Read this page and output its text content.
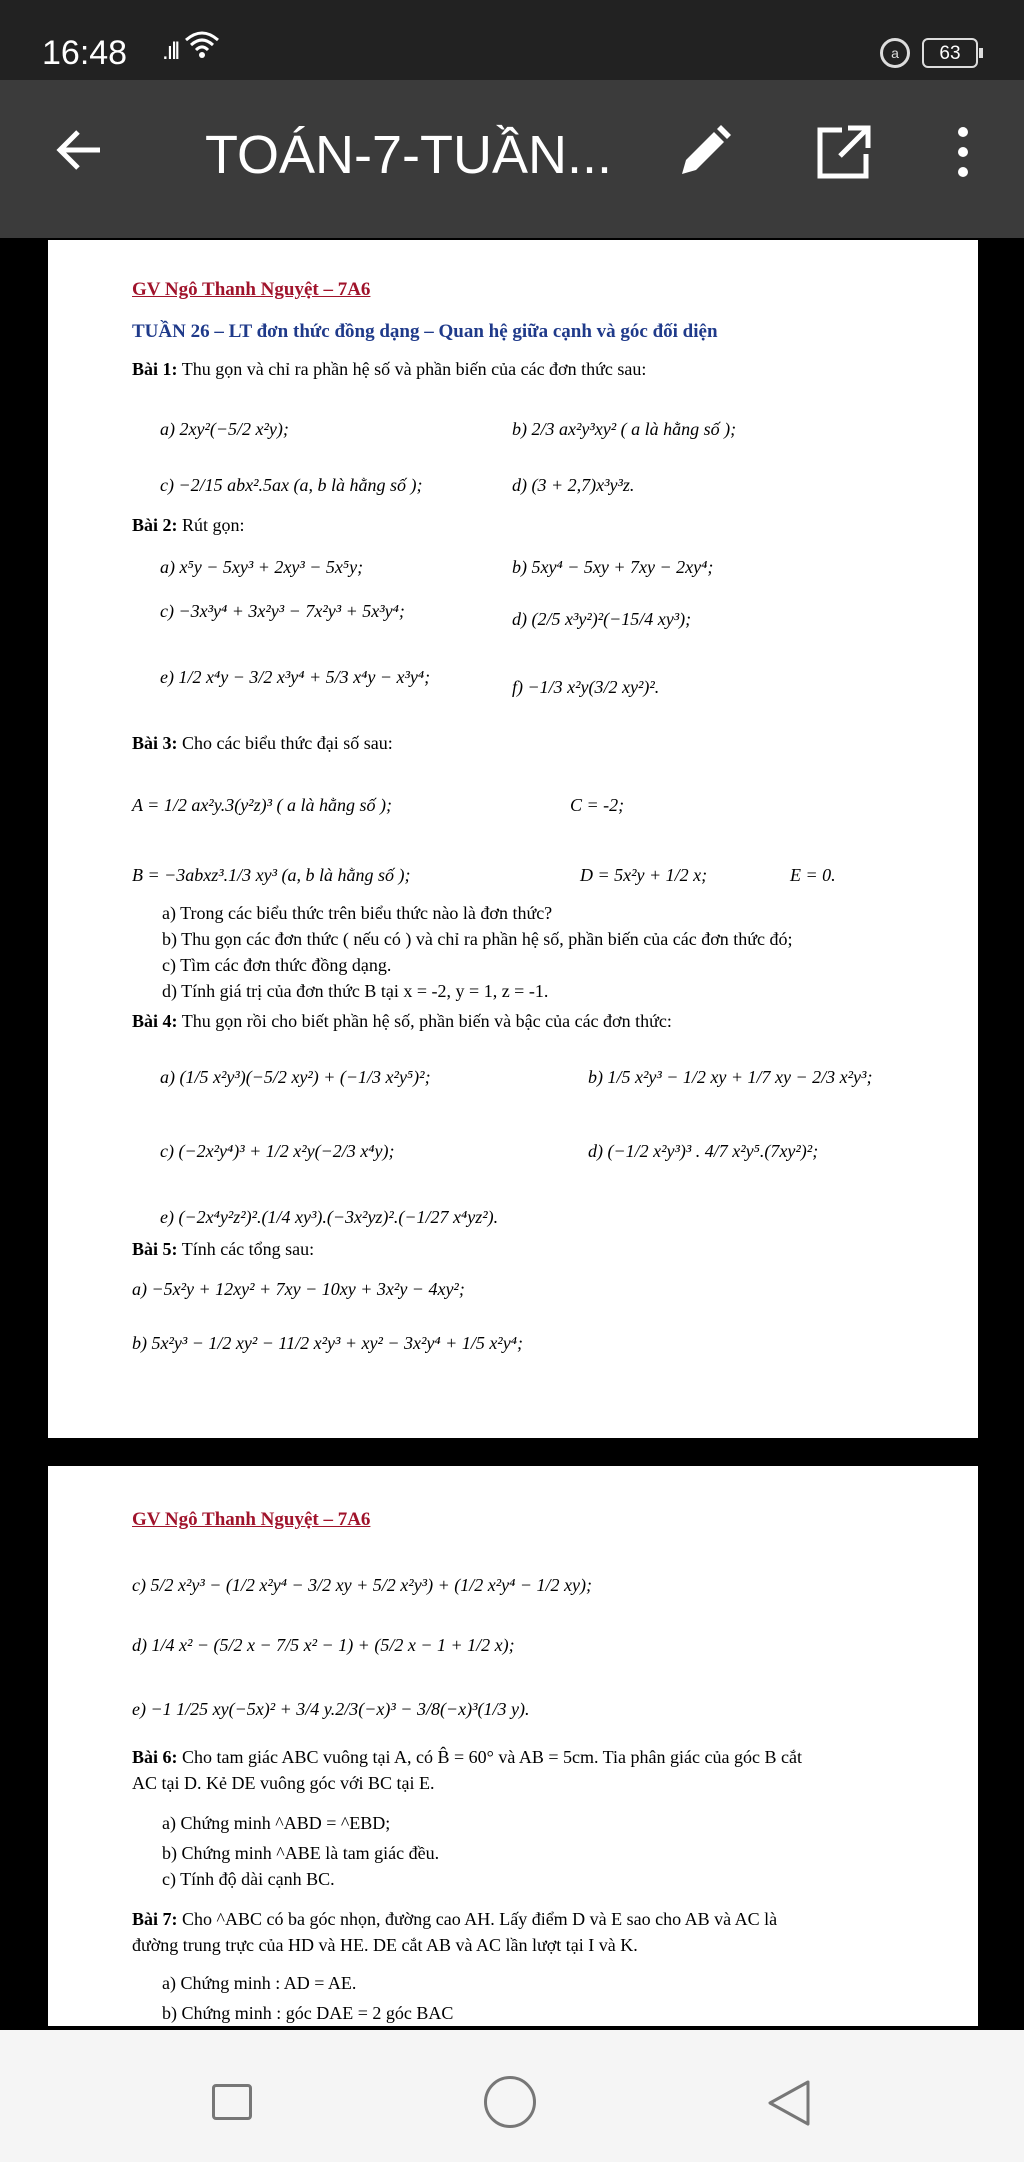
16:48 .ıll	a	63
TOÁN-7-TUẦN...
GV Ngô Thanh Nguyệt – 7A6
TUẦN 26 – LT đơn thức đồng dạng – Quan hệ giữa cạnh và góc đối diện
Bài 1: Thu gọn và chỉ ra phần hệ số và phần biến của các đơn thức sau:
a) 2xy²(−5/2 x²y);	b) 2/3 ax²y³xy² ( a là hằng số );
c) −2/15 abx².5ax (a, b là hằng số );	d) (3 + 2,7)x³y³z.
Bài 2: Rút gọn:
a) x⁵y − 5xy³ + 2xy³ − 5x⁵y;	b) 5xy⁴ − 5xy + 7xy − 2xy⁴;
c) −3x³y⁴ + 3x²y³ − 7x²y³ + 5x³y⁴;	d) (2/5 x³y²)²(−15/4 xy³);
e) 1/2 x⁴y − 3/2 x³y⁴ + 5/3 x⁴y − x³y⁴;	f) −1/3 x²y(3/2 xy²)².
Bài 3: Cho các biểu thức đại số sau:
A = 1/2 ax²y.3(y²z)³ ( a là hằng số );	C = -2;
B = −3abxz³.1/3 xy³ (a, b là hằng số );	D = 5x²y + 1/2 x;	E = 0.
a) Trong các biểu thức trên biểu thức nào là đơn thức?
b) Thu gọn các đơn thức ( nếu có ) và chỉ ra phần hệ số, phần biến của các đơn thức đó;
c) Tìm các đơn thức đồng dạng.
d) Tính giá trị của đơn thức B tại x = -2, y = 1, z = -1.
Bài 4: Thu gọn rồi cho biết phần hệ số, phần biến và bậc của các đơn thức:
a) (1/5 x²y³)(−5/2 xy²) + (−1/3 x²y⁵)²;	b) 1/5 x²y³ − 1/2 xy + 1/7 xy − 2/3 x²y³;
c) (−2x²y⁴)³ + 1/2 x²y(−2/3 x⁴y);	d) (−1/2 x²y³)³ . 4/7 x²y⁵.(7xy²)²;
e) (−2x⁴y²z²)².(1/4 xy³).(−3x²yz)².(−1/27 x⁴yz²).
Bài 5: Tính các tổng sau:
a) −5x²y + 12xy² + 7xy − 10xy + 3x²y − 4xy²;
b) 5x²y³ − 1/2 xy² − 11/2 x²y³ + xy² − 3x²y⁴ + 1/5 x²y⁴;
GV Ngô Thanh Nguyệt – 7A6
c) 5/2 x²y³ − (1/2 x²y⁴ − 3/2 xy + 5/2 x²y³) + (1/2 x²y⁴ − 1/2 xy);
d) 1/4 x² − (5/2 x − 7/5 x² − 1) + (5/2 x − 1 + 1/2 x);
e) −1 1/25 xy(−5x)² + 3/4 y.2/3(−x)³ − 3/8(−x)³(1/3 y).
Bài 6: Cho tam giác ABC vuông tại A, có B̂ = 60° và AB = 5cm. Tia phân giác của góc B cắt
AC tại D. Kẻ DE vuông góc với BC tại E.
a) Chứng minh ^ABD = ^EBD;
b) Chứng minh ^ABE là tam giác đều.
c) Tính độ dài cạnh BC.
Bài 7: Cho ^ABC có ba góc nhọn, đường cao AH. Lấy điểm D và E sao cho AB và AC là
đường trung trực của HD và HE. DE cắt AB và AC lần lượt tại I và K.
a) Chứng minh : AD = AE.
b) Chứng minh : góc DAE = 2 góc BAC
